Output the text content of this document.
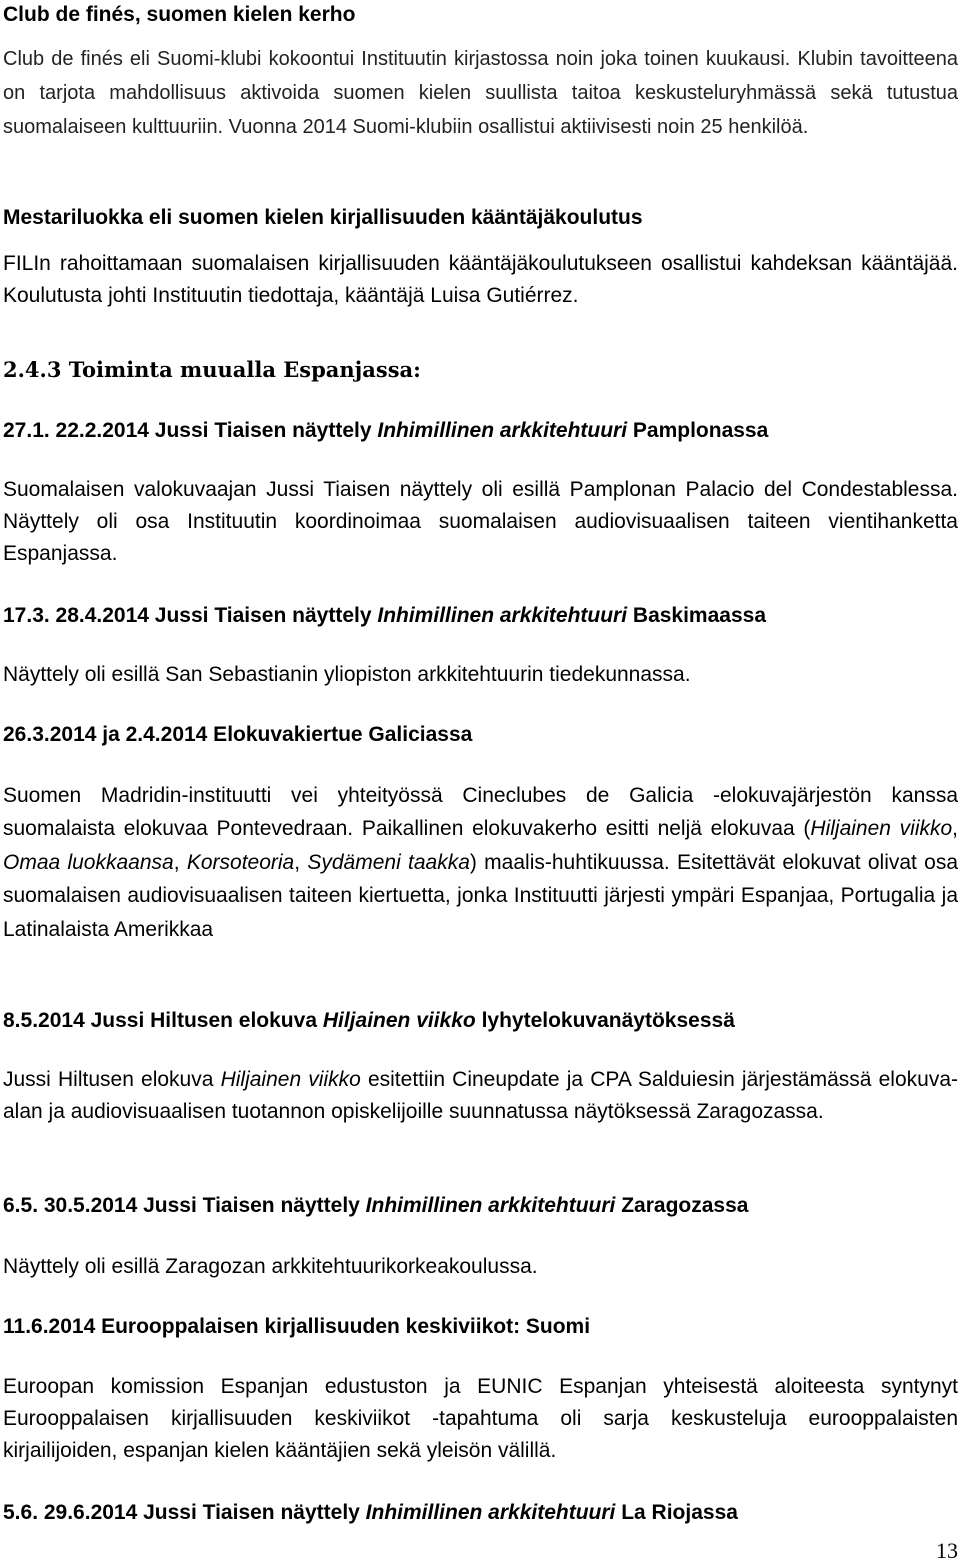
Club de finés, suomen kielen kerho

Club de finés eli Suomi-klubi kokoontui Instituutin kirjastossa noin joka toinen kuukausi. Klubin tavoitteena on tarjota mahdollisuus aktivoida suomen kielen suullista taitoa keskusteluryhmässä sekä tutustua suomalaiseen kulttuuriin. Vuonna 2014 Suomi-klubiin osallistui aktiivisesti noin 25 henkilöä.

Mestariluokka eli suomen kielen kirjallisuuden kääntäjäkoulutus

FILIn rahoittamaan suomalaisen kirjallisuuden kääntäjäkoulutukseen osallistui kahdeksan kääntäjää. Koulutusta johti Instituutin tiedottaja, kääntäjä Luisa Gutiérrez.

2.4.3 Toiminta muualla Espanjassa:

27.1. 22.2.2014 Jussi Tiaisen näyttely Inhimillinen arkkitehtuuri Pamplonassa

Suomalaisen valokuvaajan Jussi Tiaisen näyttely oli esillä Pamplonan Palacio del Condestablessa. Näyttely oli osa Instituutin koordinoimaa suomalaisen audiovisuaalisen taiteen vientihanketta Espanjassa.

17.3. 28.4.2014 Jussi Tiaisen näyttely Inhimillinen arkkitehtuuri Baskimaassa

Näyttely oli esillä San Sebastianin yliopiston arkkitehtuurin tiedekunnassa.

26.3.2014 ja 2.4.2014 Elokuvakiertue Galiciassa

Suomen Madridin-instituutti vei yhteityössä Cineclubes de Galicia -elokuvajärjestön kanssa suomalaista elokuvaa Pontevedraan. Paikallinen elokuvakerho esitti neljä elokuvaa (Hiljainen viikko, Omaa luokkaansa, Korsoteoria, Sydämeni taakka) maalis-huhtikuussa. Esitettävät elokuvat olivat osa suomalaisen audiovisuaalisen taiteen kiertuetta, jonka Instituutti järjesti ympäri Espanjaa, Portugalia ja Latinalaista Amerikkaa

8.5.2014 Jussi Hiltusen elokuva Hiljainen viikko lyhytelokuvanäytöksessä

Jussi Hiltusen elokuva Hiljainen viikko esitettiin Cineupdate ja CPA Salduiesin järjestämässä elokuva-alan ja audiovisuaalisen tuotannon opiskelijoille suunnatussa näytöksessä Zaragozassa.

6.5. 30.5.2014 Jussi Tiaisen näyttely Inhimillinen arkkitehtuuri Zaragozassa

Näyttely oli esillä Zaragozan arkkitehtuurikorkeakoulussa.

11.6.2014 Eurooppalaisen kirjallisuuden keskiviikot: Suomi

Euroopan komission Espanjan edustuston ja EUNIC Espanjan yhteisestä aloiteesta syntynyt Eurooppalaisen kirjallisuuden keskiviikot -tapahtuma oli sarja keskusteluja eurooppalaisten kirjailijoiden, espanjan kielen kääntäjien sekä yleisön välillä.

5.6. 29.6.2014 Jussi Tiaisen näyttely Inhimillinen arkkitehtuuri La Riojassa

13
